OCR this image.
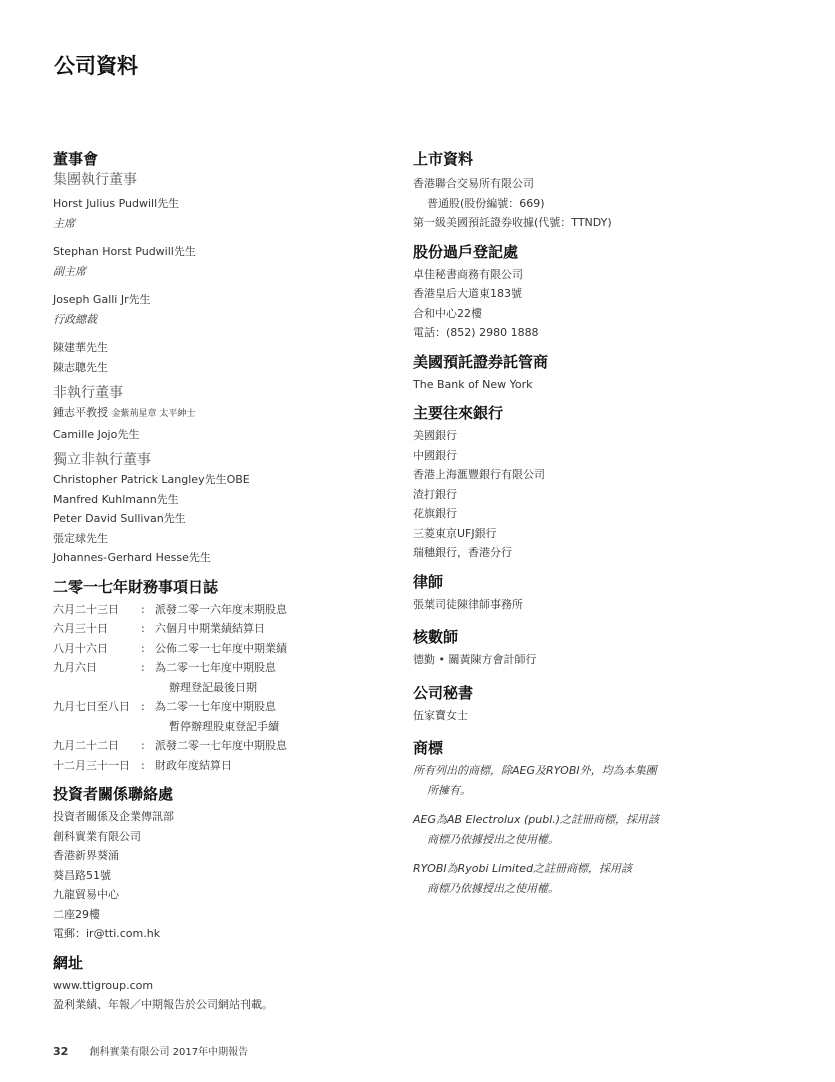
公司資料
董事會
集團執行董事
Horst Julius Pudwill先生
主席
Stephan Horst Pudwill先生
副主席
Joseph Galli Jr先生
行政總裁
陳建華先生
陳志聰先生
非執行董事
鍾志平教授 金紫荊星章 太平紳士
Camille Jojo先生
獨立非執行董事
Christopher Patrick Langley先生OBE
Manfred Kuhlmann先生
Peter David Sullivan先生
張定球先生
Johannes-Gerhard Hesse先生
二零一七年財務事項日誌
六月二十三日	: 派發二零一六年度末期股息
六月三十日	: 六個月中期業績結算日
八月十六日	: 公佈二零一七年度中期業績
九月六日	: 為二零一七年度中期股息
辦理登記最後日期
九月七日至八日	: 為二零一七年度中期股息
暫停辦理股東登記手續
九月二十二日	: 派發二零一七年度中期股息
十二月三十一日	: 財政年度結算日
投資者關係聯絡處
投資者關係及企業傳訊部
創科實業有限公司
香港新界葵涌
葵昌路51號
九龍貿易中心
二座29樓
電郵：ir@tti.com.hk
網址
www.ttigroup.com
盈利業績、年報／中期報告於公司網站刊載。
上市資料
香港聯合交易所有限公司
普通股(股份編號：669)
第一級美國預託證券收據(代號：TTNDY)
股份過戶登記處
卓佳秘書商務有限公司
香港皇后大道東183號
合和中心22樓
電話：(852) 2980 1888
美國預託證券託管商
The Bank of New York
主要往來銀行
美國銀行
中國銀行
香港上海滙豐銀行有限公司
渣打銀行
花旗銀行
三菱東京UFJ銀行
瑞穗銀行，香港分行
律師
張葉司徒陳律師事務所
核數師
德勤 • 關黃陳方會計師行
公司秘書
伍家寶女士
商標
所有列出的商標，除AEG及RYOBI外，均為本集團
所擁有。
AEG為AB Electrolux (publ.)之註冊商標，採用該
商標乃依據授出之使用權。
RYOBI為Ryobi Limited之註冊商標，採用該
商標乃依據授出之使用權。
32 創科實業有限公司 2017年中期報告
